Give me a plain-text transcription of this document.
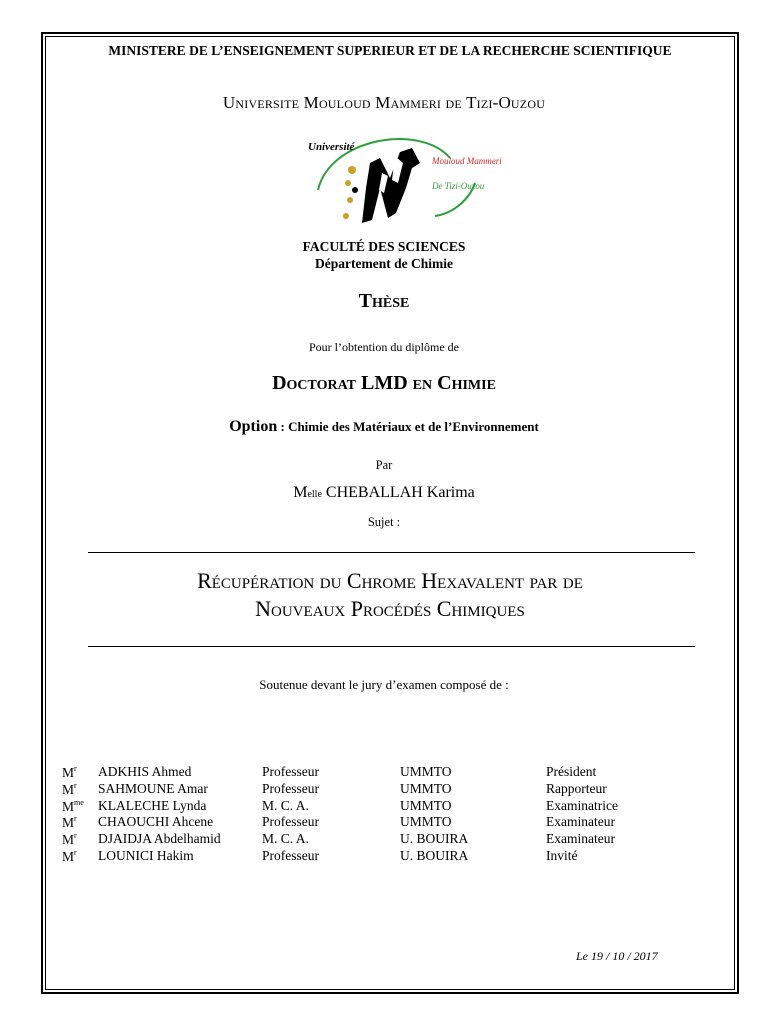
MINISTERE DE L’ENSEIGNEMENT SUPERIEUR ET DE LA RECHERCHE SCIENTIFIQUE
Universite Mouloud Mammeri de Tizi-Ouzou
Université
Mouloud Mammeri
De Tizi-Ouzou
FACULTÉ DES SCIENCES
Département de Chimie
Thèse
Pour l’obtention du diplôme de
Doctorat LMD en Chimie
Option : Chimie des Matériaux et de l’Environnement
Par
Melle CHEBALLAH Karima
Sujet :
Récupération du Chrome Hexavalent par de
Nouveaux Procédés Chimiques
Soutenue devant le jury d’examen composé de :
$M^r$ ADKHIS Ahmed	Professeur	UMMTO	Président
$M^r$ SAHMOUNE Amar	Professeur	UMMTO	Rapporteur
$M^{me}$ KLALECHE Lynda	M. C. A.	UMMTO	Examinatrice
$M^r$ CHAOUCHI Ahcene	Professeur	UMMTO	Examinateur
$M^r$ DJAIDJA Abdelhamid	M. C. A.	U. BOUIRA	Examinateur
$M^r$ LOUNICI Hakim	Professeur	U. BOUIRA	Invité
Le 19 / 10 / 2017
